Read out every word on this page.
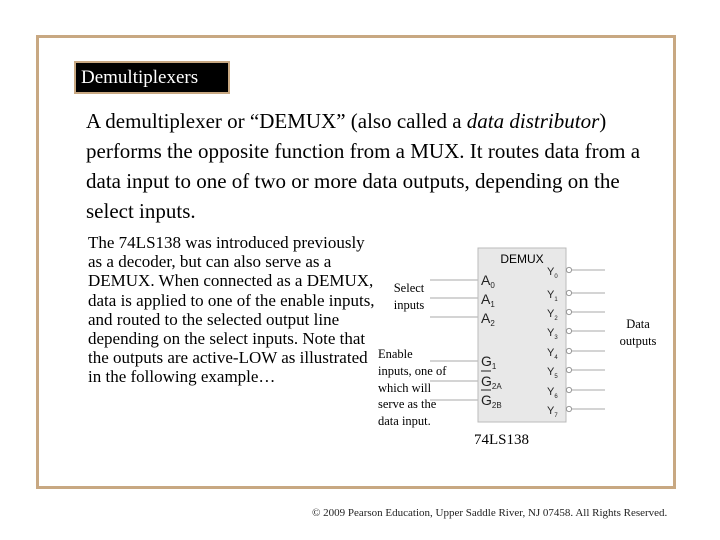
Demultiplexers

A demultiplexer or “DEMUX” (also called a data distributor) performs the opposite function from a MUX. It routes data from a data input to one of two or more data outputs, depending on the select inputs.

The 74LS138 was introduced previously as a decoder, but can also serve as a DEMUX. When connected as a DEMUX, data is applied to one of the enable inputs, and routed to the selected output line depending on the select inputs. Note that the outputs are active-LOW as illustrated in the following example…

Select inputs
Enable inputs, one of which will serve as the data input.
Data outputs
DEMUX
$A_0$
$A_1$
$A_2$
$G_1$
$G_{2A}$
$G_{2B}$
$Y_0$
$Y_1$
$Y_2$
$Y_3$
$Y_4$
$Y_5$
$Y_6$
$Y_7$
74LS138
© 2009 Pearson Education, Upper Saddle River, NJ 07458. All Rights Reserved.
